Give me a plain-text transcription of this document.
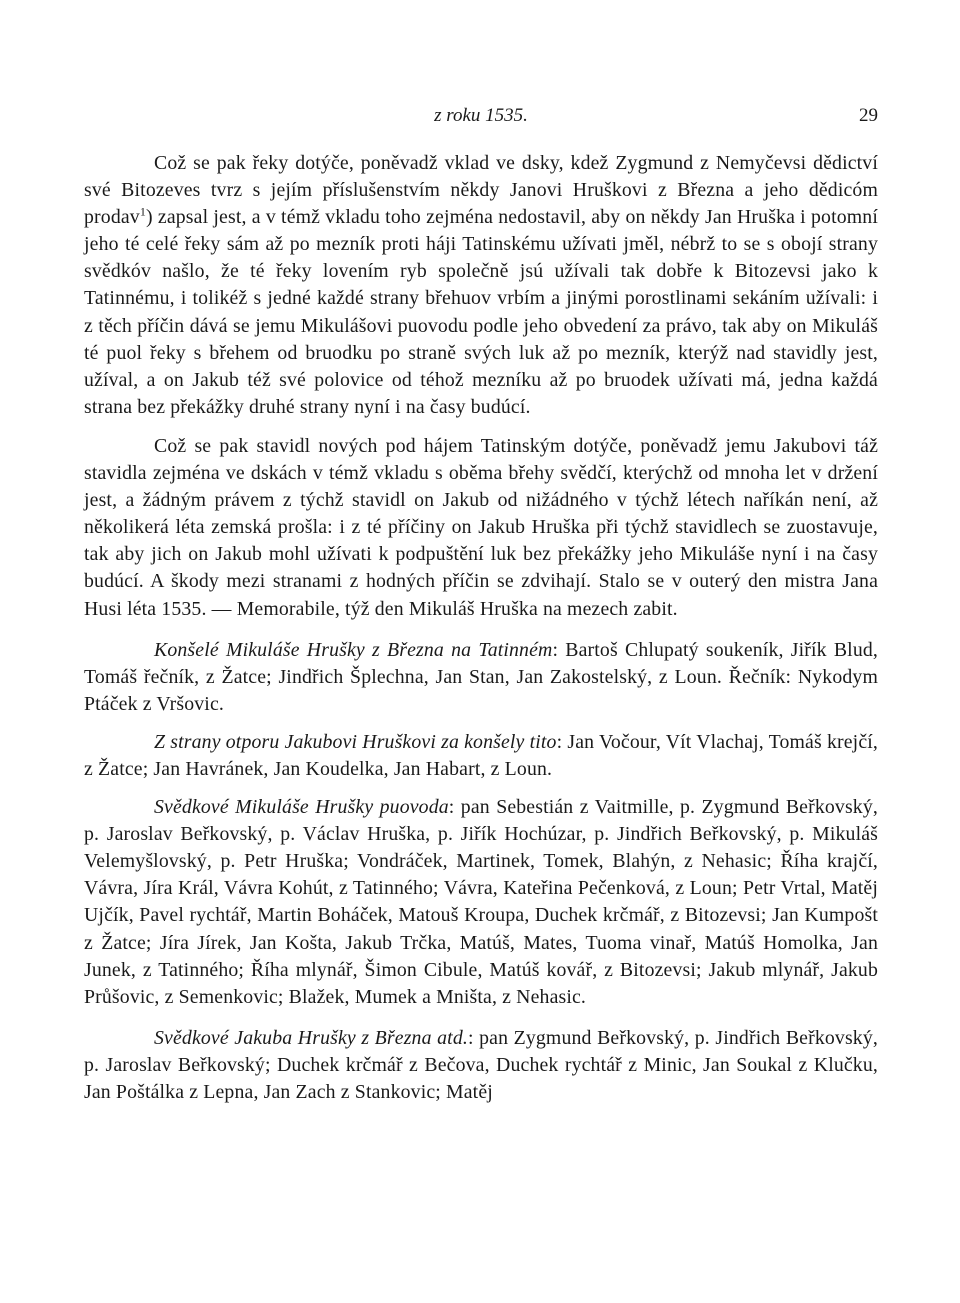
z roku 1535.	29

Což se pak řeky dotýče, poněvadž vklad ve dsky, kdež Zygmund z Nemyčevsi dědictví své Bitozeves tvrz s jejím příslušenstvím někdy Janovi Hruškovi z Března a jeho dědicóm prodav$^1$) zapsal jest, a v témž vkladu toho zejména nedostavil, aby on někdy Jan Hruška i potomní jeho té celé řeky sám až po mezník proti háji Tatinskému užívati jměl, nébrž to se s obojí strany svědkóv našlo, že té řeky lovením ryb společně jsú užívali tak dobře k Bitozevsi jako k Tatinnému, i tolikéž s jedné každé strany břehuov vrbím a jinými porostlinami sekáním užívali: i z těch příčin dává se jemu Mikulášovi puovodu podle jeho obvedení za právo, tak aby on Mikuláš té puol řeky s břehem od bruodku po straně svých luk až po mezník, kterýž nad stavidly jest, užíval, a on Jakub též své polovice od téhož mezníku až po bruodek užívati má, jedna každá strana bez překážky druhé strany nyní i na časy budúcí.

Což se pak stavidl nových pod hájem Tatinským dotýče, poněvadž jemu Jakubovi táž stavidla zejména ve dskách v témž vkladu s oběma břehy svědčí, kterýchž od mnoha let v držení jest, a žádným právem z týchž stavidl on Jakub od nižádného v týchž létech naříkán není, až několikerá léta zemská prošla: i z té příčiny on Jakub Hruška při týchž stavidlech se zuostavuje, tak aby jich on Jakub mohl užívati k podpuštění luk bez překážky jeho Mikuláše nyní i na časy budúcí. A škody mezi stranami z hodných příčin se zdvihají. Stalo se v outerý den mistra Jana Husi léta 1535. — Memorabile, týž den Mikuláš Hruška na mezech zabit.

Konšelé Mikuláše Hrušky z Března na Tatinném: Bartoš Chlupatý soukeník, Jiřík Blud, Tomáš řečník, z Žatce; Jindřich Šplechna, Jan Stan, Jan Zakostelský, z Loun. Řečník: Nykodym Ptáček z Vršovic.

Z strany otporu Jakubovi Hruškovi za konšely tito: Jan Vočour, Vít Vlachaj, Tomáš krejčí, z Žatce; Jan Havránek, Jan Koudelka, Jan Habart, z Loun.

Svědkové Mikuláše Hrušky puovoda: pan Sebestián z Vaitmille, p. Zygmund Beřkovský, p. Jaroslav Beřkovský, p. Václav Hruška, p. Jiřík Hochúzar, p. Jindřich Beřkovský, p. Mikuláš Velemyšlovský, p. Petr Hruška; Vondráček, Martinek, Tomek, Blahýn, z Nehasic; Říha krajčí, Vávra, Jíra Král, Vávra Kohút, z Tatinného; Vávra, Kateřina Pečenková, z Loun; Petr Vrtal, Matěj Ujčík, Pavel rychtář, Martin Boháček, Matouš Kroupa, Duchek krčmář, z Bitozevsi; Jan Kumpošt z Žatce; Jíra Jírek, Jan Košta, Jakub Trčka, Matúš, Mates, Tuoma vinař, Matúš Homolka, Jan Junek, z Tatinného; Říha mlynář, Šimon Cibule, Matúš kovář, z Bitozevsi; Jakub mlynář, Jakub Průšovic, z Semenkovic; Blažek, Mumek a Mništa, z Nehasic.

Svědkové Jakuba Hrušky z Března atd.: pan Zygmund Beřkovský, p. Jindřich Beřkovský, p. Jaroslav Beřkovský; Duchek krčmář z Bečova, Duchek rychtář z Minic, Jan Soukal z Klučku, Jan Poštálka z Lepna, Jan Zach z Stankovic; Matěj
